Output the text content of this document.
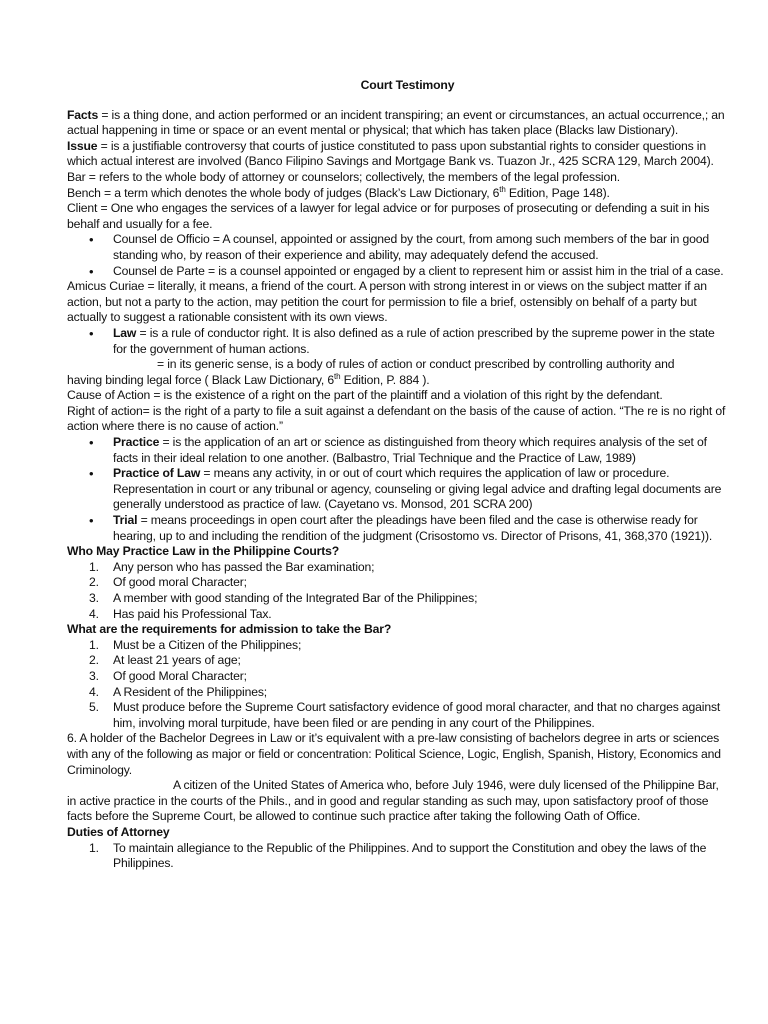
Court Testimony

Facts = is a thing done, and action performed or an incident transpiring; an event or circumstances, an actual occurrence,; an actual happening in time or space or an event mental or physical; that which has taken place (Blacks law Distionary).

Issue = is a justifiable controversy that courts of justice constituted to pass upon substantial rights to consider questions in which actual interest are involved (Banco Filipino Savings and Mortgage Bank vs. Tuazon Jr., 425 SCRA 129, March 2004).

Bar = refers to the whole body of attorney or counselors; collectively, the members of the legal profession.

Bench = a term which denotes the whole body of judges (Black’s Law Dictionary, 6th Edition, Page 148).

Client = One who engages the services of a lawyer for legal advice or for purposes of prosecuting or defending a suit in his behalf and usually for a fee.

• Counsel de Officio = A counsel, appointed or assigned by the court, from among such members of the bar in good standing who, by reason of their experience and ability, may adequately defend the accused.
• Counsel de Parte = is a counsel appointed or engaged by a client to represent him or assist him in the trial of a case.

Amicus Curiae = literally, it means, a friend of the court. A person with strong interest in or views on the subject matter if an action, but not a party to the action, may petition the court for permission to file a brief, ostensibly on behalf of a party but actually to suggest a rationable consistent with its own views.

• Law = is a rule of conductor right. It is also defined as a rule of action prescribed by the supreme power in the state for the government of human actions.

= in its generic sense, is a body of rules of action or conduct prescribed by controlling authority and

having binding legal force ( Black Law Dictionary, 6th Edition, P. 884 ).

Cause of Action = is the existence of a right on the part of the plaintiff and a violation of this right by the defendant.

Right of action= is the right of a party to file a suit against a defendant on the basis of the cause of action. “The re is no right of action where there is no cause of action.”

• Practice = is the application of an art or science as distinguished from theory which requires analysis of the set of facts in their ideal relation to one another. (Balbastro, Trial Technique and the Practice of Law, 1989)
• Practice of Law = means any activity, in or out of court which requires the application of law or procedure. Representation in court or any tribunal or agency, counseling or giving legal advice and drafting legal documents are generally understood as practice of law. (Cayetano vs. Monsod, 201 SCRA 200)
• Trial = means proceedings in open court after the pleadings have been filed and the case is otherwise ready for hearing, up to and including the rendition of the judgment (Crisostomo vs. Director of Prisons, 41, 368,370 (1921)).

Who May Practice Law in the Philippine Courts?

1. Any person who has passed the Bar examination;
2. Of good moral Character;
3. A member with good standing of the Integrated Bar of the Philippines;
4. Has paid his Professional Tax.

What are the requirements for admission to take the Bar?

1. Must be a Citizen of the Philippines;
2. At least 21 years of age;
3. Of good Moral Character;
4. A Resident of the Philippines;
5. Must produce before the Supreme Court satisfactory evidence of good moral character, and that no charges against him, involving moral turpitude, have been filed or are pending in any court of the Philippines.

6. A holder of the Bachelor Degrees in Law or it’s equivalent with a pre-law consisting of bachelors degree in arts or sciences with any of the following as major or field or concentration: Political Science, Logic, English, Spanish, History, Economics and Criminology.

A citizen of the United States of America who, before July 1946, were duly licensed of the Philippine Bar, in active practice in the courts of the Phils., and in good and regular standing as such may, upon satisfactory proof of those facts before the Supreme Court, be allowed to continue such practice after taking the following Oath of Office.

Duties of Attorney

1. To maintain allegiance to the Republic of the Philippines. And to support the Constitution and obey the laws of the Philippines.
